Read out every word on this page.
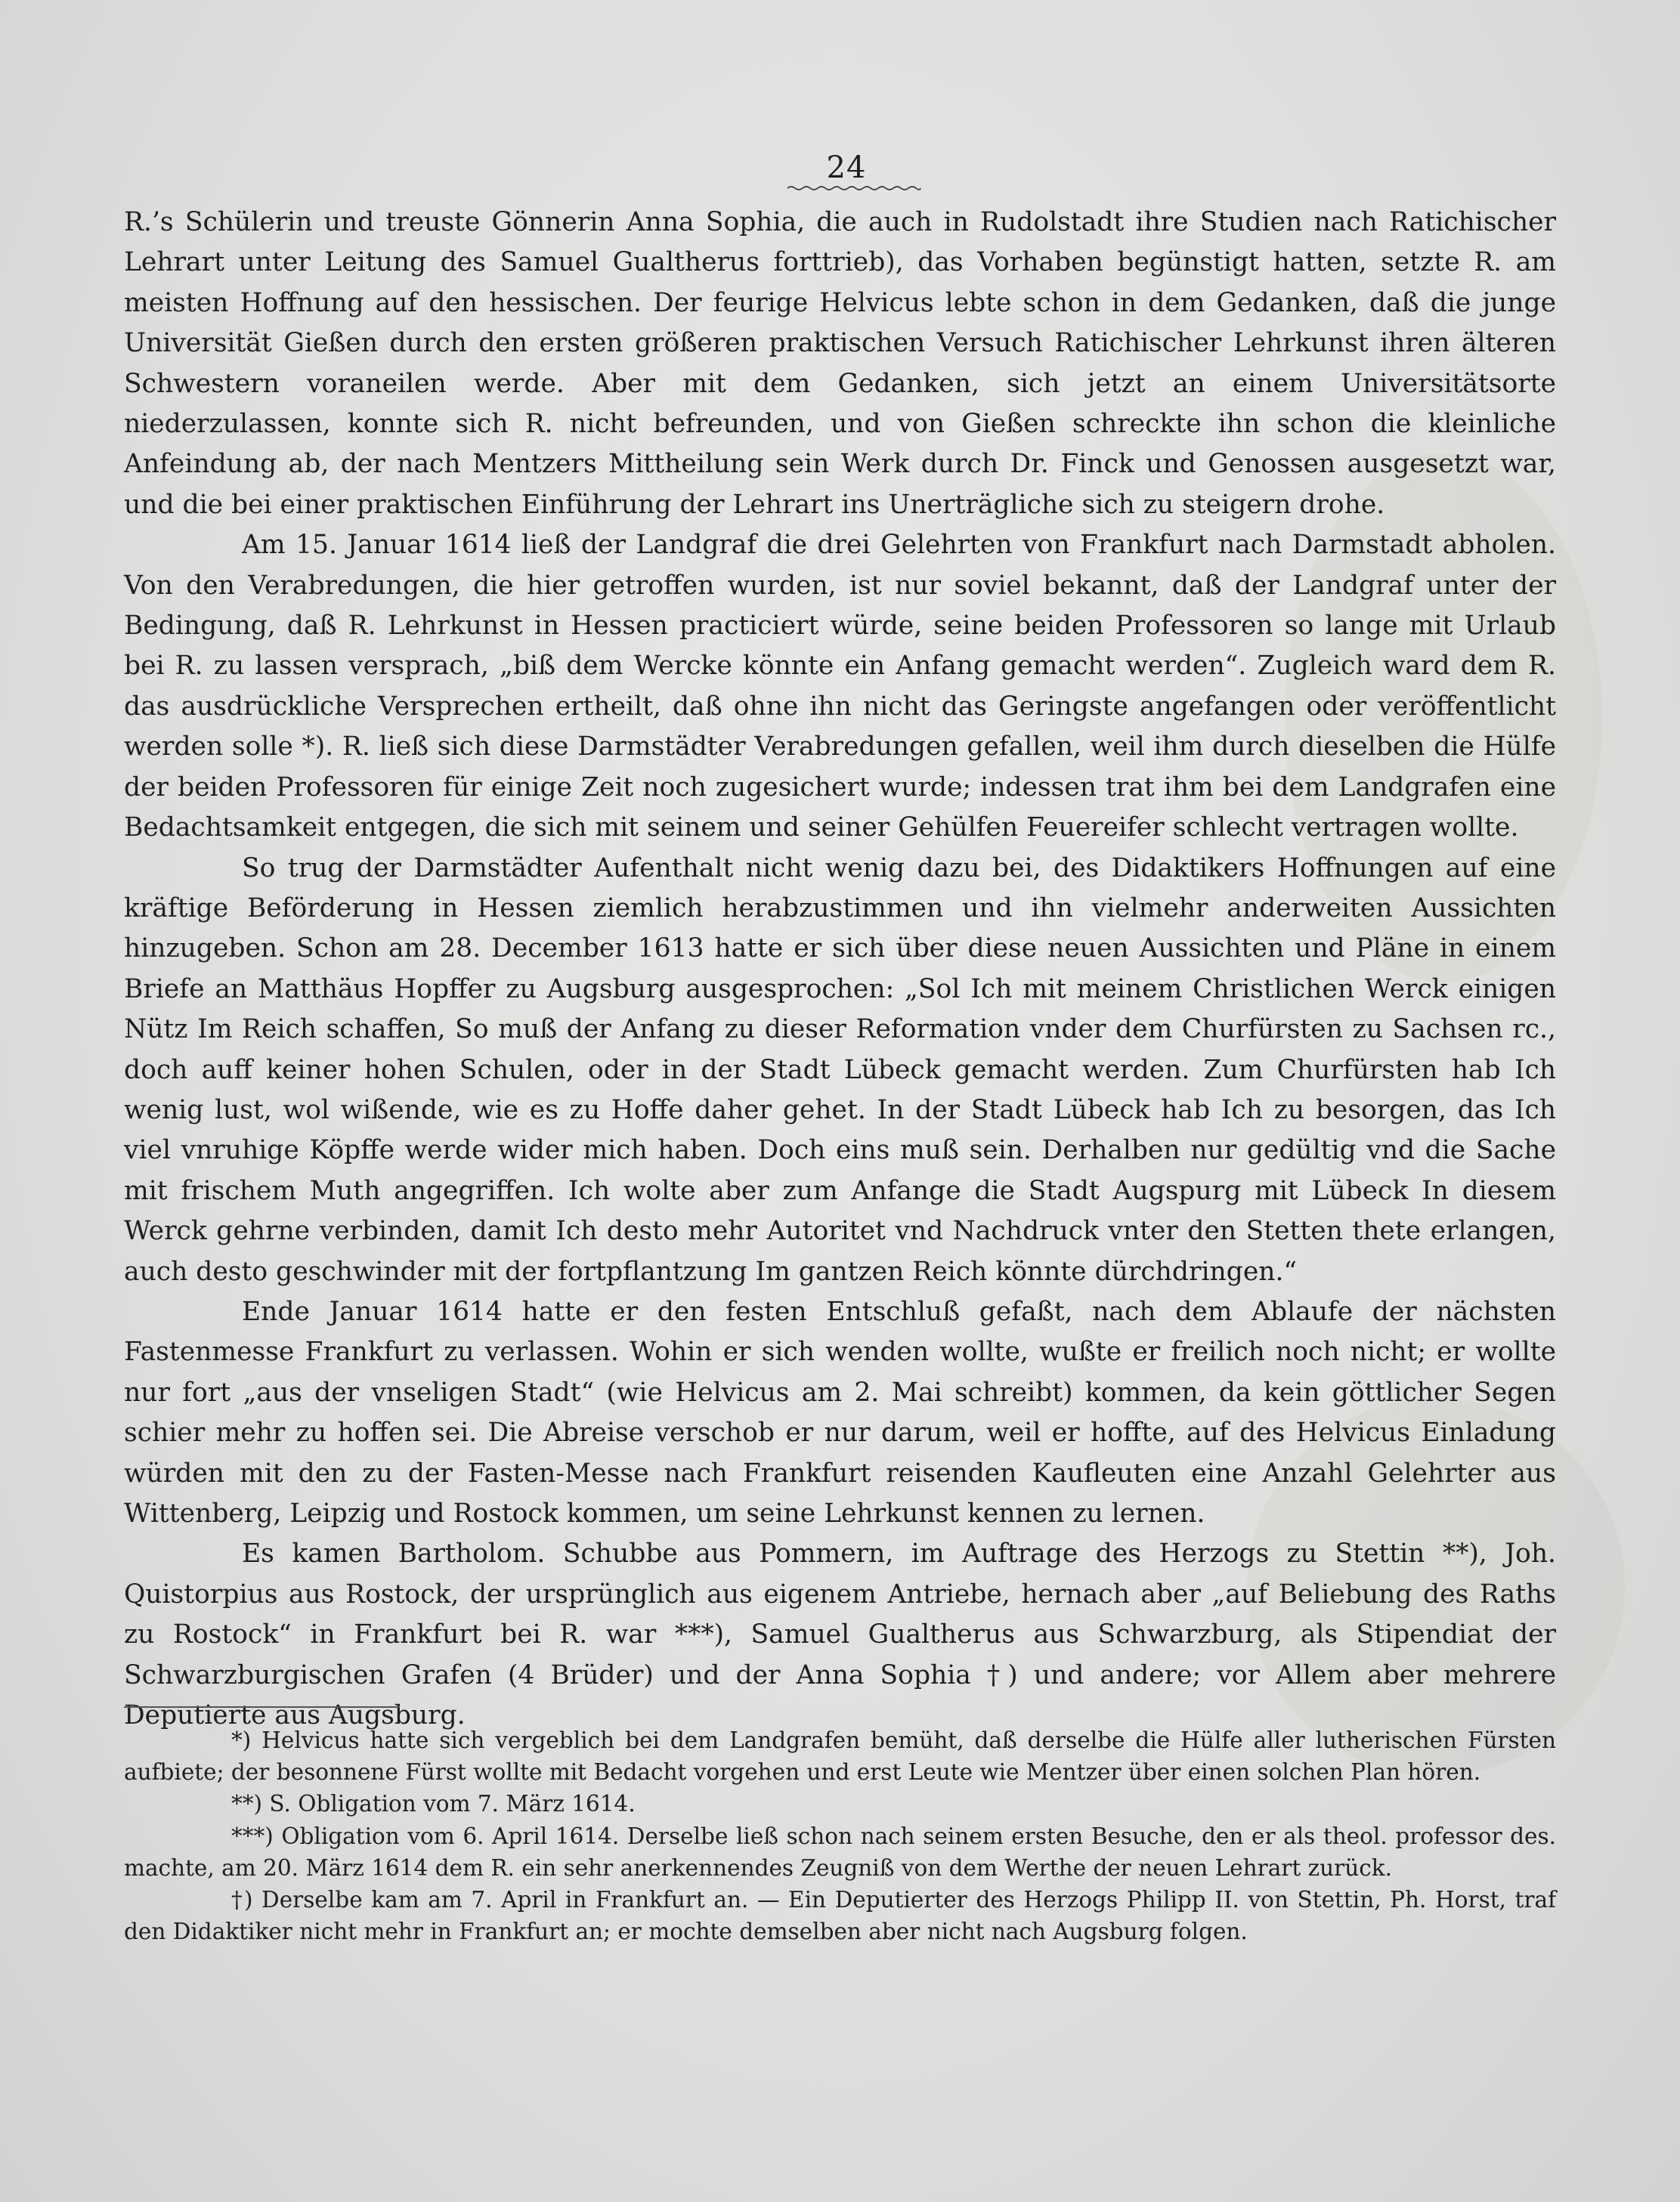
24

R.’s Schülerin und treuste Gönnerin Anna Sophia, die auch in Rudolstadt ihre Studien nach Ratichischer Lehrart unter Leitung des Samuel Gualtherus forttrieb), das Vorhaben begünstigt hatten, setzte R. am meisten Hoffnung auf den hessischen. Der feurige Helvicus lebte schon in dem Gedanken, daß die junge Universität Gießen durch den ersten größeren praktischen Versuch Ratichischer Lehrkunst ihren älteren Schwestern voraneilen werde. Aber mit dem Gedanken, sich jetzt an einem Universitätsorte niederzulassen, konnte sich R. nicht befreunden, und von Gießen schreckte ihn schon die kleinliche Anfeindung ab, der nach Mentzers Mittheilung sein Werk durch Dr. Finck und Genossen ausgesetzt war, und die bei einer praktischen Einführung der Lehrart ins Unerträgliche sich zu steigern drohe.

Am 15. Januar 1614 ließ der Landgraf die drei Gelehrten von Frankfurt nach Darmstadt abholen. Von den Verabredungen, die hier getroffen wurden, ist nur soviel bekannt, daß der Landgraf unter der Bedingung, daß R. Lehrkunst in Hessen practiciert würde, seine beiden Professoren so lange mit Urlaub bei R. zu lassen versprach, „biß dem Wercke könnte ein Anfang gemacht werden“. Zugleich ward dem R. das ausdrückliche Versprechen ertheilt, daß ohne ihn nicht das Geringste angefangen oder veröffentlicht werden solle *). R. ließ sich diese Darmstädter Verabredungen gefallen, weil ihm durch dieselben die Hülfe der beiden Professoren für einige Zeit noch zugesichert wurde; indessen trat ihm bei dem Landgrafen eine Bedachtsamkeit entgegen, die sich mit seinem und seiner Gehülfen Feuereifer schlecht vertragen wollte.

So trug der Darmstädter Aufenthalt nicht wenig dazu bei, des Didaktikers Hoffnungen auf eine kräftige Beförderung in Hessen ziemlich herabzustimmen und ihn vielmehr anderweiten Aussichten hinzugeben. Schon am 28. December 1613 hatte er sich über diese neuen Aussichten und Pläne in einem Briefe an Matthäus Hopffer zu Augsburg ausgesprochen: „Sol Ich mit meinem Christlichen Werck einigen Nütz Im Reich schaffen, So muß der Anfang zu dieser Reformation vnder dem Churfürsten zu Sachsen rc., doch auff keiner hohen Schulen, oder in der Stadt Lübeck gemacht werden. Zum Churfürsten hab Ich wenig lust, wol wißende, wie es zu Hoffe daher gehet. In der Stadt Lübeck hab Ich zu besorgen, das Ich viel vnruhige Köpffe werde wider mich haben. Doch eins muß sein. Derhalben nur gedültig vnd die Sache mit frischem Muth angegriffen. Ich wolte aber zum Anfange die Stadt Augspurg mit Lübeck In diesem Werck gehrne verbinden, damit Ich desto mehr Autoritet vnd Nachdruck vnter den Stetten thete erlangen, auch desto geschwinder mit der fortpflantzung Im gantzen Reich könnte dürchdringen.“

Ende Januar 1614 hatte er den festen Entschluß gefaßt, nach dem Ablaufe der nächsten Fastenmesse Frankfurt zu verlassen. Wohin er sich wenden wollte, wußte er freilich noch nicht; er wollte nur fort „aus der vnseligen Stadt“ (wie Helvicus am 2. Mai schreibt) kommen, da kein göttlicher Segen schier mehr zu hoffen sei. Die Abreise verschob er nur darum, weil er hoffte, auf des Helvicus Einladung würden mit den zu der Fasten-Messe nach Frankfurt reisenden Kaufleuten eine Anzahl Gelehrter aus Wittenberg, Leipzig und Rostock kommen, um seine Lehrkunst kennen zu lernen.

Es kamen Bartholom. Schubbe aus Pommern, im Auftrage des Herzogs zu Stettin **), Joh. Quistorpius aus Rostock, der ursprünglich aus eigenem Antriebe, hernach aber „auf Beliebung des Raths zu Rostock“ in Frankfurt bei R. war ***), Samuel Gualtherus aus Schwarzburg, als Stipendiat der Schwarzburgischen Grafen (4 Brüder) und der Anna Sophia †) und andere; vor Allem aber mehrere Deputierte aus Augsburg.

*) Helvicus hatte sich vergeblich bei dem Landgrafen bemüht, daß derselbe die Hülfe aller lutherischen Fürsten aufbiete; der besonnene Fürst wollte mit Bedacht vorgehen und erst Leute wie Mentzer über einen solchen Plan hören.

**) S. Obligation vom 7. März 1614.

***) Obligation vom 6. April 1614. Derselbe ließ schon nach seinem ersten Besuche, den er als theol. professor des. machte, am 20. März 1614 dem R. ein sehr anerkennendes Zeugniß von dem Werthe der neuen Lehrart zurück.

†) Derselbe kam am 7. April in Frankfurt an. — Ein Deputierter des Herzogs Philipp II. von Stettin, Ph. Horst, traf den Didaktiker nicht mehr in Frankfurt an; er mochte demselben aber nicht nach Augsburg folgen.
